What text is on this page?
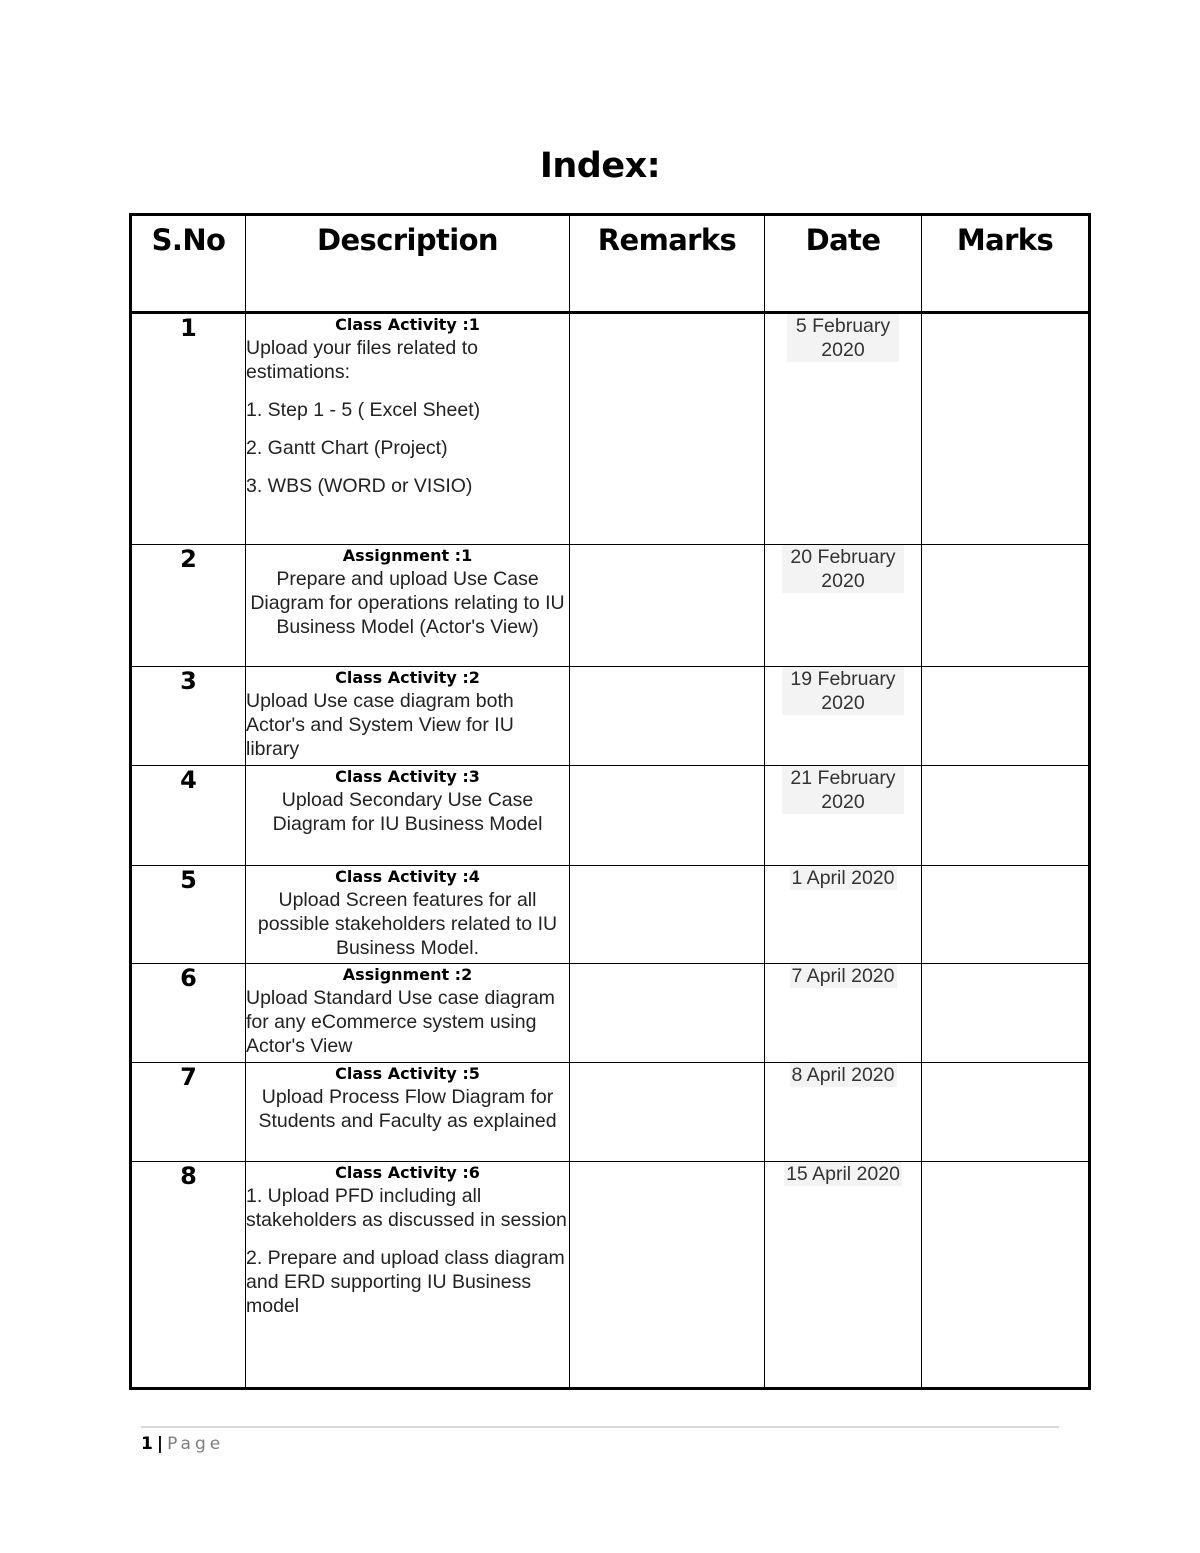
Index:
S.No	Description	Remarks	Date	Marks
1	Class Activity :1
Upload your files related to estimations:
1. Step 1 - 5 ( Excel Sheet)
2. Gantt Chart (Project)
3. WBS (WORD or VISIO)		5 February 2020	
2	Assignment :1
Prepare and upload Use Case Diagram for operations relating to IU Business Model (Actor's View)		20 February 2020	
3	Class Activity :2
Upload Use case diagram both Actor's and System View for IU library		19 February 2020	
4	Class Activity :3
Upload Secondary Use Case Diagram for IU Business Model		21 February 2020	
5	Class Activity :4
Upload Screen features for all possible stakeholders related to IU Business Model.		1 April 2020	
6	Assignment :2
Upload Standard Use case diagram for any eCommerce system using Actor's View		7 April 2020	
7	Class Activity :5
Upload Process Flow Diagram for Students and Faculty as explained		8 April 2020	
8	Class Activity :6
1. Upload PFD including all stakeholders as discussed in session
2. Prepare and upload class diagram and ERD supporting IU Business model		15 April 2020	
1 | Page
